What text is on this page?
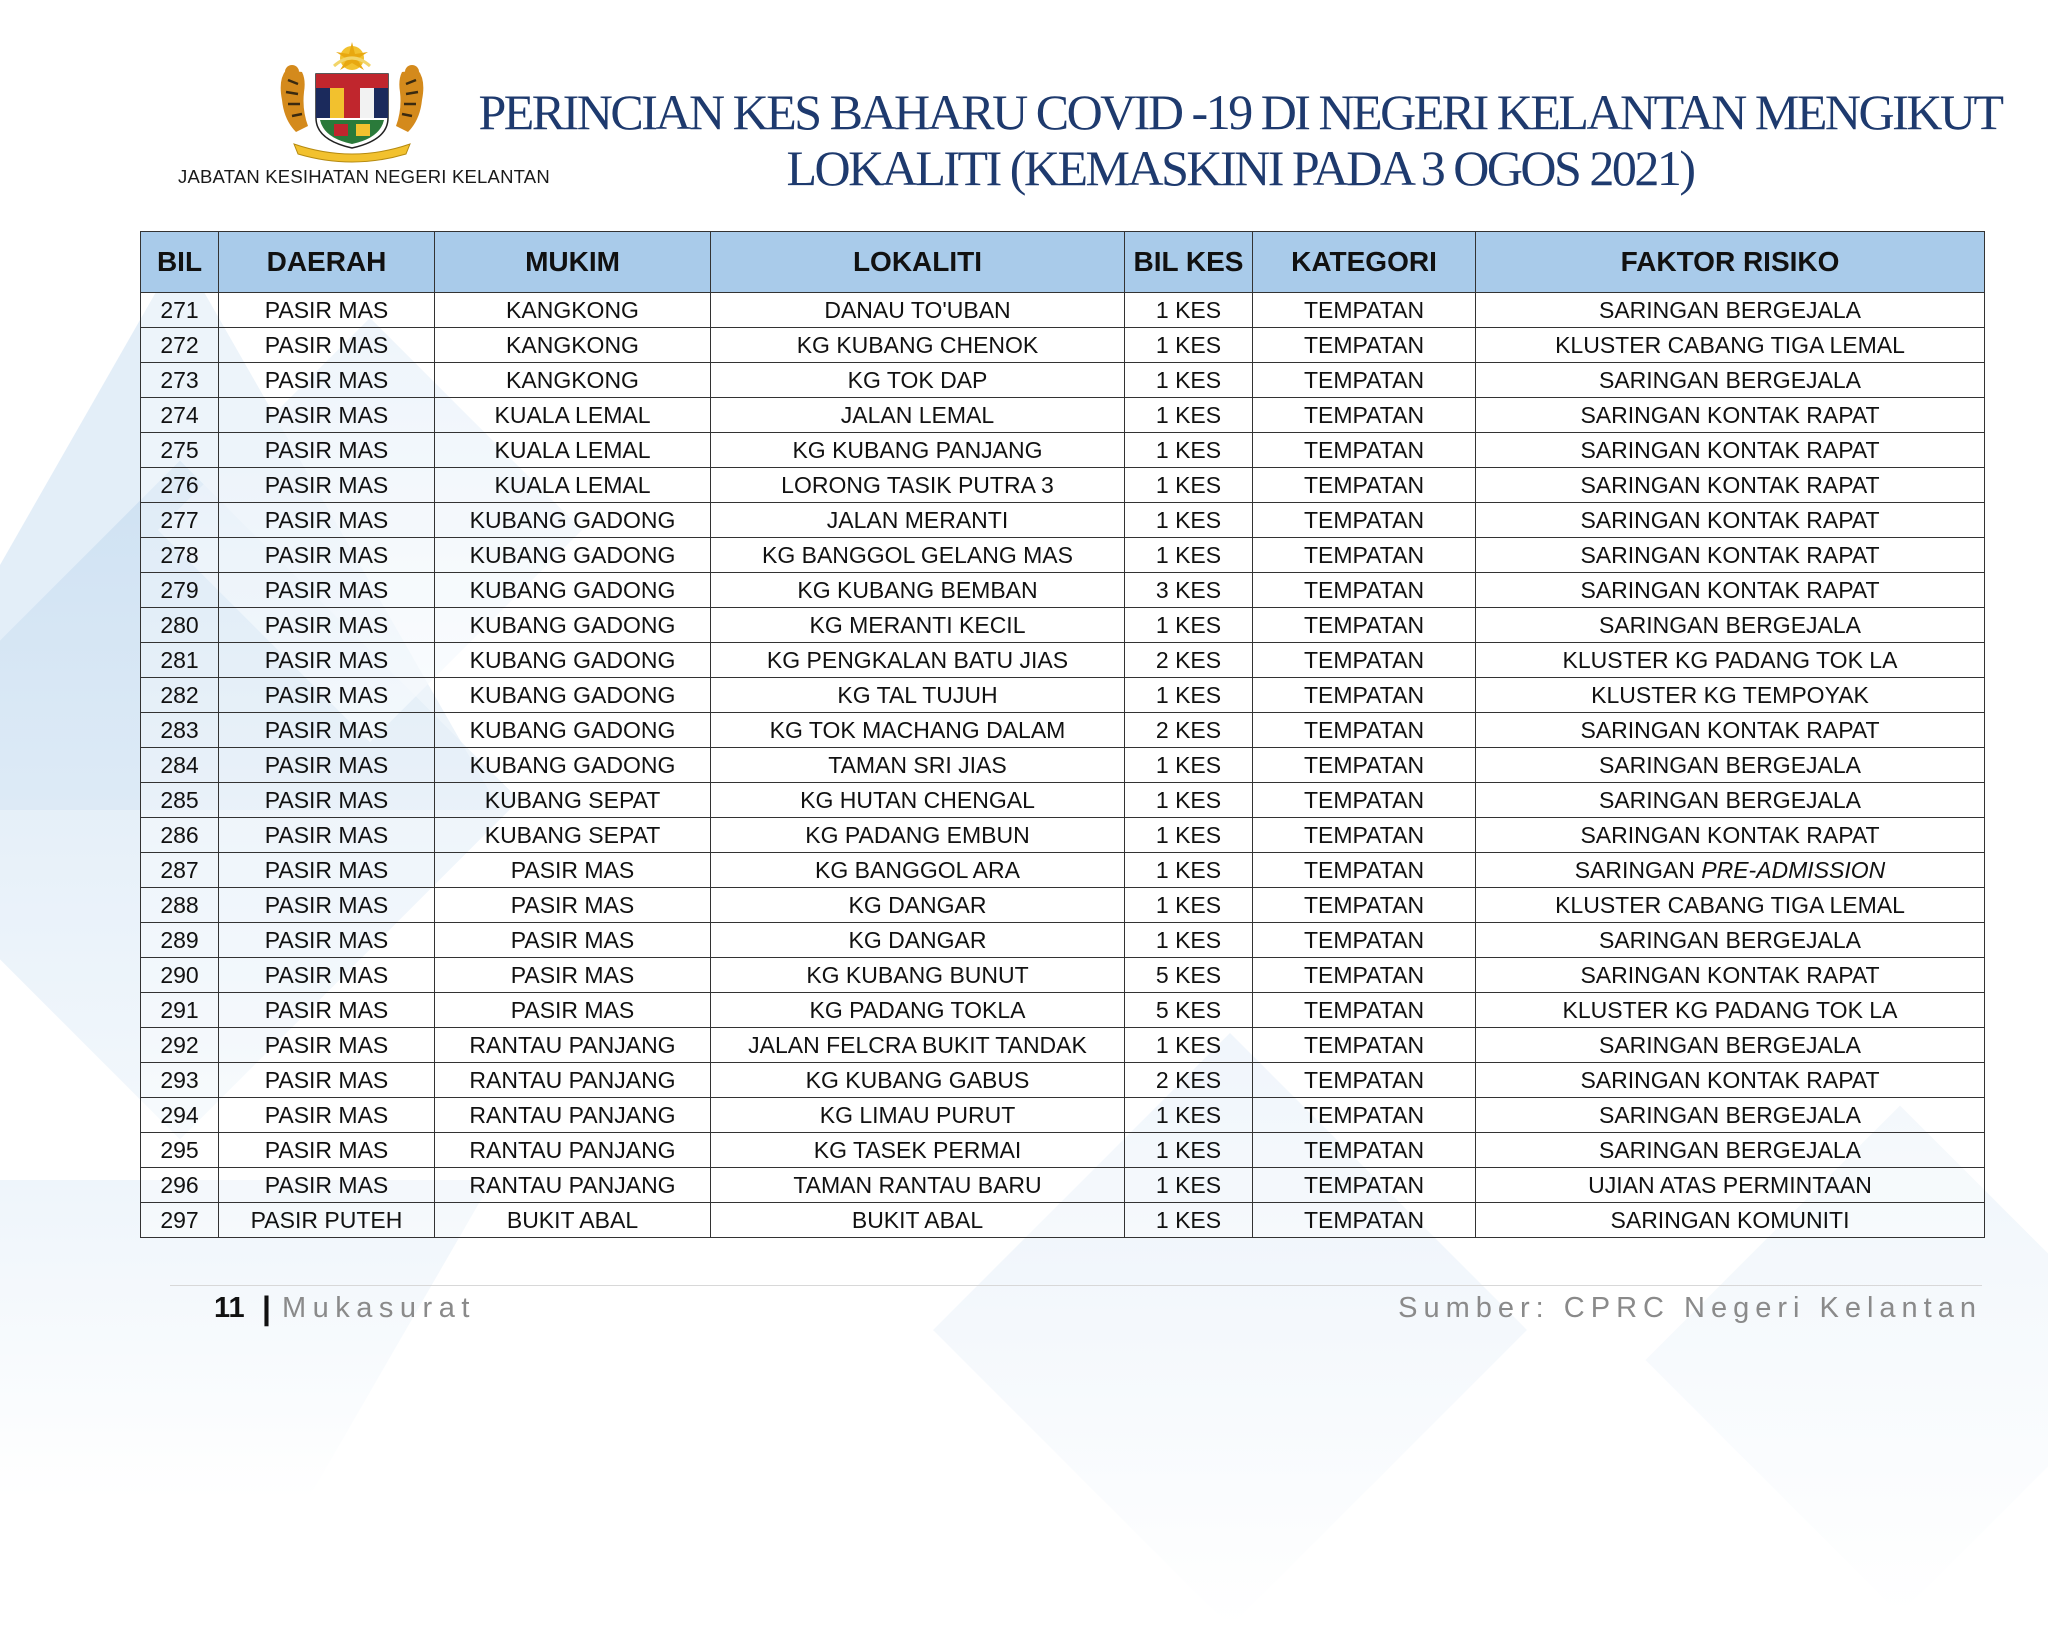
JABATAN KESIHATAN NEGERI KELANTAN
PERINCIAN KES BAHARU COVID -19 DI NEGERI KELANTAN MENGIKUT
LOKALITI (KEMASKINI PADA 3 OGOS 2021)
BIL	DAERAH	MUKIM	LOKALITI	BIL KES	KATEGORI	FAKTOR RISIKO
271	PASIR MAS	KANGKONG	DANAU TO'UBAN	1 KES	TEMPATAN	SARINGAN BERGEJALA
272	PASIR MAS	KANGKONG	KG KUBANG CHENOK	1 KES	TEMPATAN	KLUSTER CABANG TIGA LEMAL
273	PASIR MAS	KANGKONG	KG TOK DAP	1 KES	TEMPATAN	SARINGAN BERGEJALA
274	PASIR MAS	KUALA LEMAL	JALAN LEMAL	1 KES	TEMPATAN	SARINGAN KONTAK RAPAT
275	PASIR MAS	KUALA LEMAL	KG KUBANG PANJANG	1 KES	TEMPATAN	SARINGAN KONTAK RAPAT
276	PASIR MAS	KUALA LEMAL	LORONG TASIK PUTRA 3	1 KES	TEMPATAN	SARINGAN KONTAK RAPAT
277	PASIR MAS	KUBANG GADONG	JALAN MERANTI	1 KES	TEMPATAN	SARINGAN KONTAK RAPAT
278	PASIR MAS	KUBANG GADONG	KG BANGGOL GELANG MAS	1 KES	TEMPATAN	SARINGAN KONTAK RAPAT
279	PASIR MAS	KUBANG GADONG	KG KUBANG BEMBAN	3 KES	TEMPATAN	SARINGAN KONTAK RAPAT
280	PASIR MAS	KUBANG GADONG	KG MERANTI KECIL	1 KES	TEMPATAN	SARINGAN BERGEJALA
281	PASIR MAS	KUBANG GADONG	KG PENGKALAN BATU JIAS	2 KES	TEMPATAN	KLUSTER KG PADANG TOK LA
282	PASIR MAS	KUBANG GADONG	KG TAL TUJUH	1 KES	TEMPATAN	KLUSTER KG TEMPOYAK
283	PASIR MAS	KUBANG GADONG	KG TOK MACHANG DALAM	2 KES	TEMPATAN	SARINGAN KONTAK RAPAT
284	PASIR MAS	KUBANG GADONG	TAMAN SRI JIAS	1 KES	TEMPATAN	SARINGAN BERGEJALA
285	PASIR MAS	KUBANG SEPAT	KG HUTAN CHENGAL	1 KES	TEMPATAN	SARINGAN BERGEJALA
286	PASIR MAS	KUBANG SEPAT	KG PADANG EMBUN	1 KES	TEMPATAN	SARINGAN KONTAK RAPAT
287	PASIR MAS	PASIR MAS	KG BANGGOL ARA	1 KES	TEMPATAN	SARINGAN PRE-ADMISSION
288	PASIR MAS	PASIR MAS	KG DANGAR	1 KES	TEMPATAN	KLUSTER CABANG TIGA LEMAL
289	PASIR MAS	PASIR MAS	KG DANGAR	1 KES	TEMPATAN	SARINGAN BERGEJALA
290	PASIR MAS	PASIR MAS	KG KUBANG BUNUT	5 KES	TEMPATAN	SARINGAN KONTAK RAPAT
291	PASIR MAS	PASIR MAS	KG PADANG TOKLA	5 KES	TEMPATAN	KLUSTER KG PADANG TOK LA
292	PASIR MAS	RANTAU PANJANG	JALAN FELCRA BUKIT TANDAK	1 KES	TEMPATAN	SARINGAN BERGEJALA
293	PASIR MAS	RANTAU PANJANG	KG KUBANG GABUS	2 KES	TEMPATAN	SARINGAN KONTAK RAPAT
294	PASIR MAS	RANTAU PANJANG	KG LIMAU PURUT	1 KES	TEMPATAN	SARINGAN BERGEJALA
295	PASIR MAS	RANTAU PANJANG	KG TASEK PERMAI	1 KES	TEMPATAN	SARINGAN BERGEJALA
296	PASIR MAS	RANTAU PANJANG	TAMAN RANTAU BARU	1 KES	TEMPATAN	UJIAN ATAS PERMINTAAN
297	PASIR PUTEH	BUKIT ABAL	BUKIT ABAL	1 KES	TEMPATAN	SARINGAN KOMUNITI
11 | Mukasurat	Sumber: CPRC Negeri Kelantan
